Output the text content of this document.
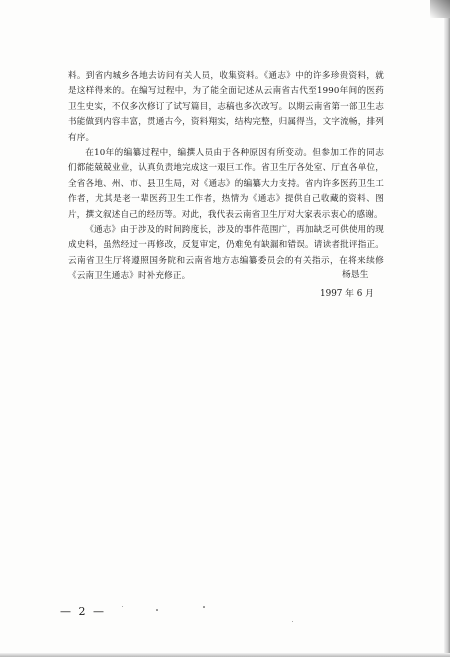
料。到省内城乡各地去访问有关人员，收集资料。《通志》中的许多珍贵资料，就是这样得来的。在编写过程中，为了能全面记述从云南省古代至1990年间的医药卫生史实，不仅多次修订了试写篇目，志稿也多次改写。以期云南省第一部卫生志书能做到内容丰富，贯通古今，资料翔实，结构完整，归属得当，文字流畅，排列有序。

在10年的编纂过程中，编撰人员由于各种原因有所变动。但参加工作的同志们都能兢兢业业，认真负责地完成这一艰巨工作。省卫生厅各处室、厅直各单位，全省各地、州、市、县卫生局，对《通志》的编纂大力支持。省内许多医药卫生工作者，尤其是老一辈医药卫生工作者，热情为《通志》提供自己收藏的资料、图片，撰文叙述自己的经历等。对此，我代表云南省卫生厅对大家表示衷心的感谢。

《通志》由于涉及的时间跨度长，涉及的事件范围广，再加缺乏可供使用的现成史料，虽然经过一再修改，反复审定，仍难免有缺漏和错误。请读者批评指正。云南省卫生厅将遵照国务院和云南省地方志编纂委员会的有关指示，在将来续修《云南卫生通志》时补充修正。	杨恳生
1997 年 6 月
— 2 —
